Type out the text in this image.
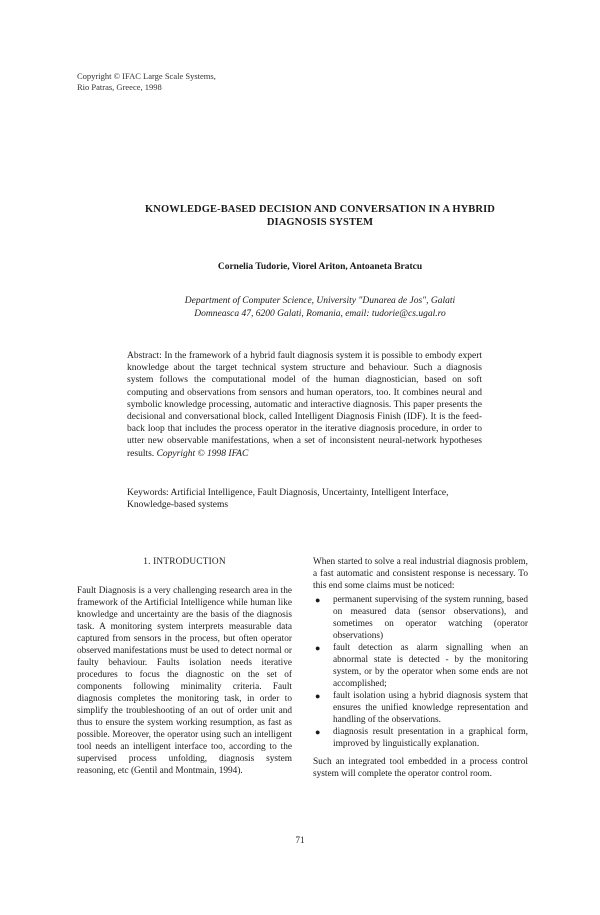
Copyright © IFAC Large Scale Systems,
Rio Patras, Greece, 1998
KNOWLEDGE-BASED DECISION AND CONVERSATION IN A HYBRID
DIAGNOSIS SYSTEM
Cornelia Tudorie, Viorel Ariton, Antoaneta Bratcu
Department of Computer Science, University "Dunarea de Jos", Galati
Domneasca 47, 6200 Galati, Romania, email: tudorie@cs.ugal.ro
Abstract: In the framework of a hybrid fault diagnosis system it is possible to embody expert knowledge about the target technical system structure and behaviour. Such a diagnosis system follows the computational model of the human diagnostician, based on soft computing and observations from sensors and human operators, too. It combines neural and symbolic knowledge processing, automatic and interactive diagnosis. This paper presents the decisional and conversational block, called Intelligent Diagnosis Finish (IDF). It is the feed-back loop that includes the process operator in the iterative diagnosis procedure, in order to utter new observable manifestations, when a set of inconsistent neural-network hypotheses results. Copyright © 1998 IFAC
Keywords: Artificial Intelligence, Fault Diagnosis, Uncertainty, Intelligent Interface, Knowledge-based systems
1. INTRODUCTION

Fault Diagnosis is a very challenging research area in the framework of the Artificial Intelligence while human like knowledge and uncertainty are the basis of the diagnosis task. A monitoring system interprets measurable data captured from sensors in the process, but often operator observed manifestations must be used to detect normal or faulty behaviour. Faults isolation needs iterative procedures to focus the diagnostic on the set of components following minimality criteria. Fault diagnosis completes the monitoring task, in order to simplify the troubleshooting of an out of order unit and thus to ensure the system working resumption, as fast as possible. Moreover, the operator using such an intelligent tool needs an intelligent interface too, according to the supervised process unfolding, diagnosis system reasoning, etc (Gentil and Montmain, 1994).

When started to solve a real industrial diagnosis problem, a fast automatic and consistent response is necessary. To this end some claims must be noticed:

● permanent supervising of the system running, based on measured data (sensor observations), and sometimes on operator watching (operator observations)
● fault detection as alarm signalling when an abnormal state is detected - by the monitoring system, or by the operator when some ends are not accomplished;
● fault isolation using a hybrid diagnosis system that ensures the unified knowledge representation and handling of the observations.
● diagnosis result presentation in a graphical form, improved by linguistically explanation.

Such an integrated tool embedded in a process control system will complete the operator control room.

71
